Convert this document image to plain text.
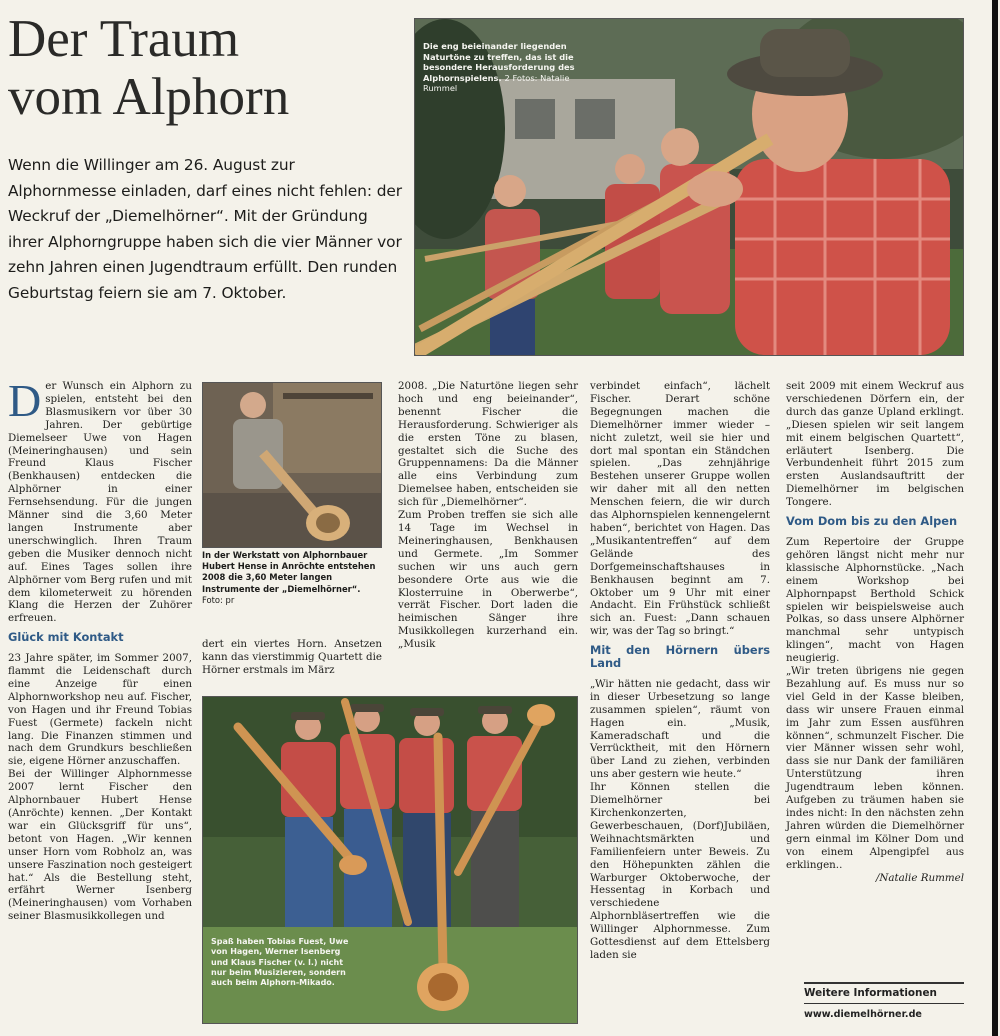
Der Traum
vom Alphorn

Wenn die Willinger am 26. August zur Alphornmesse einladen, darf eines nicht fehlen: der Weckruf der „Diemelhörner“. Mit der Gründung ihrer Alphorngruppe haben sich die vier Männer vor zehn Jahren einen Jugendtraum erfüllt. Den runden Geburtstag feiern sie am 7. Oktober.

Die eng beieinander liegenden Naturtöne zu treffen, das ist die besondere Herausforderung des Alphornspielens. 2 Fotos: Natalie Rummel

Der Wunsch ein Alphorn zu spielen, entsteht bei den Blasmusikern vor über 30 Jahren. Der gebürtige Diemelseer Uwe von Hagen (Meineringhausen) und sein Freund Klaus Fischer (Benkhausen) entdecken die Alphörner in einer Fernsehsendung. Für die jungen Männer sind die 3,60 Meter langen Instrumente aber unerschwinglich. Ihren Traum geben die Musiker dennoch nicht auf. Eines Tages sollen ihre Alphörner vom Berg rufen und mit dem kilometerweit zu hörenden Klang die Herzen der Zuhörer erfreuen.

Glück mit Kontakt

23 Jahre später, im Sommer 2007, flammt die Leidenschaft durch eine Anzeige für einen Alphornworkshop neu auf. Fischer, von Hagen und ihr Freund Tobias Fuest (Germete) fackeln nicht lang. Die Finanzen stimmen und nach dem Grundkurs beschließen sie, eigene Hörner anzuschaffen.

Bei der Willinger Alphornmesse 2007 lernt Fischer den Alphornbauer Hubert Hense (Anröchte) kennen. „Der Kontakt war ein Glücksgriff für uns“, betont von Hagen. „Wir kennen unser Horn vom Robholz an, was unsere Faszination noch gesteigert hat.“ Als die Bestellung steht, erfährt Werner Isenberg (Meineringhausen) vom Vorhaben seiner Blasmusikkollegen und

In der Werkstatt von Alphornbauer Hubert Hense in Anröchte entstehen 2008 die 3,60 Meter langen Instrumente der „Diemelhörner“. Foto: pr

dert ein viertes Horn. Ansetzen kann das vierstimmig Quartett die Hörner erstmals im März

2008. „Die Naturtöne liegen sehr hoch und eng beieinander“, benennt Fischer die Herausforderung. Schwieriger als die ersten Töne zu blasen, gestaltet sich die Suche des Gruppennamens: Da die Männer alle eins Verbindung zum Diemelsee haben, entscheiden sie sich für „Diemelhörner“.

Zum Proben treffen sie sich alle 14 Tage im Wechsel in Meineringhausen, Benkhausen und Germete. „Im Sommer suchen wir uns auch gern besondere Orte aus wie die Klosterruine in Oberwerbe“, verrät Fischer. Dort laden die heimischen Sänger ihre Musikkollegen kurzerhand ein. „Musik

Spaß haben Tobias Fuest, Uwe von Hagen, Werner Isenberg und Klaus Fischer (v. l.) nicht nur beim Musizieren, sondern auch beim Alphorn-Mikado.

verbindet einfach“, lächelt Fischer. Derart schöne Begegnungen machen die Diemelhörner immer wieder – nicht zuletzt, weil sie hier und dort mal spontan ein Ständchen spielen. „Das zehnjährige Bestehen unserer Gruppe wollen wir daher mit all den netten Menschen feiern, die wir durch das Alphornspielen kennengelernt haben“, berichtet von Hagen. Das „Musikantentreffen“ auf dem Gelände des Dorfgemeinschaftshauses in Benkhausen beginnt am 7. Oktober um 9 Uhr mit einer Andacht. Ein Frühstück schließt sich an. Fuest: „Dann schauen wir, was der Tag so bringt.“

Mit den Hörnern übers Land

„Wir hätten nie gedacht, dass wir in dieser Urbesetzung so lange zusammen spielen“, räumt von Hagen ein. „Musik, Kameradschaft und die Verrücktheit, mit den Hörnern über Land zu ziehen, verbinden uns aber gestern wie heute.“

Ihr Können stellen die Diemelhörner bei Kirchenkonzerten, Gewerbeschauen, (Dorf)Jubiläen, Weihnachtsmärkten und Familienfeiern unter Beweis. Zu den Höhepunkten zählen die Warburger Oktoberwoche, der Hessentag in Korbach und verschiedene Alphornbläsertreffen wie die Willinger Alphornmesse. Zum Gottesdienst auf dem Ettelsberg laden sie

seit 2009 mit einem Weckruf aus verschiedenen Dörfern ein, der durch das ganze Upland erklingt. „Diesen spielen wir seit langem mit einem belgischen Quartett“, erläutert Isenberg. Die Verbundenheit führt 2015 zum ersten Auslandsauftritt der Diemelhörner im belgischen Tongere.

Vom Dom bis zu den Alpen

Zum Repertoire der Gruppe gehören längst nicht mehr nur klassische Alphornstücke. „Nach einem Workshop bei Alphornpapst Berthold Schick spielen wir beispielsweise auch Polkas, so dass unsere Alphörner manchmal sehr untypisch klingen“, macht von Hagen neugierig.

„Wir treten übrigens nie gegen Bezahlung auf. Es muss nur so viel Geld in der Kasse bleiben, dass wir unsere Frauen einmal im Jahr zum Essen ausführen können“, schmunzelt Fischer. Die vier Männer wissen sehr wohl, dass sie nur Dank der familiären Unterstützung ihren Jugendtraum leben können. Aufgeben zu träumen haben sie indes nicht: In den nächsten zehn Jahren würden die Diemelhörner gern einmal im Kölner Dom und von einem Alpengipfel aus erklingen..

/Natalie Rummel

Weitere Informationen
www.diemelhörner.de
